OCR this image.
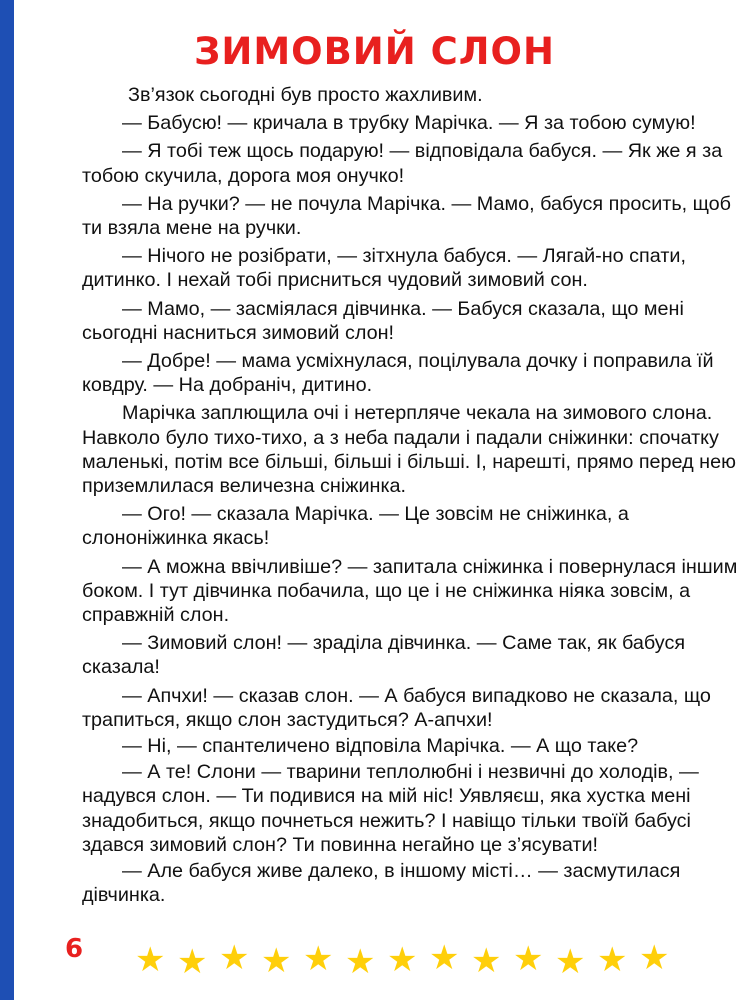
ЗИМОВИЙ СЛОН
Зв’язок сьогодні був просто жахливим.
— Бабусю! — кричала в трубку Марічка. — Я за тобою сумую!
— Я тобі теж щось подарую! — відповідала бабуся. — Як же я за тобою скучила, дорога моя онучко!
— На ручки? — не почула Марічка. — Мамо, бабуся просить, щоб ти взяла мене на ручки.
— Нічого не розібрати, — зітхнула бабуся. — Лягай-но спати, дитинко. І нехай тобі присниться чудовий зимовий сон.
— Мамо, — засміялася дівчинка. — Бабуся сказала, що мені сьогодні насниться зимовий слон!
— Добре! — мама усміхнулася, поцілувала дочку і поправила їй ковдру. — На добраніч, дитино.
Марічка заплющила очі і нетерпляче чекала на зимового слона. Навколо було тихо-тихо, а з неба падали і падали сніжинки: спочатку маленькі, потім все більші, більші і більші. І, нарешті, прямо перед нею приземлилася величезна сніжинка.
— Ого! — сказала Марічка. — Це зовсім не сніжинка, а слононіжинка якась!
— А можна ввічливіше? — запитала сніжинка і повернулася іншим боком. І тут дівчинка побачила, що це і не сніжинка ніяка зовсім, а справжній слон.
— Зимовий слон! — зраділа дівчинка. — Саме так, як бабуся сказала!
— Апчхи! — сказав слон. — А бабуся випадково не сказала, що трапиться, якщо слон застудиться? А-апчхи!
— Ні, — спантеличено відповіла Марічка. — А що таке?
— А те! Слони — тварини теплолюбні і незвичні до холодів, — надувся слон. — Ти подивися на мій ніс! Уявляєш, яка хустка мені знадобиться, якщо почнеться нежить? І навіщо тільки твоїй бабусі здався зимовий слон? Ти повинна негайно це з’ясувати!
— Але бабуся живе далеко, в іншому місті… — засмутилася дівчинка.
6 ★ ★ ★ ★ ★ ★ ★ ★ ★ ★ ★ ★ ★
